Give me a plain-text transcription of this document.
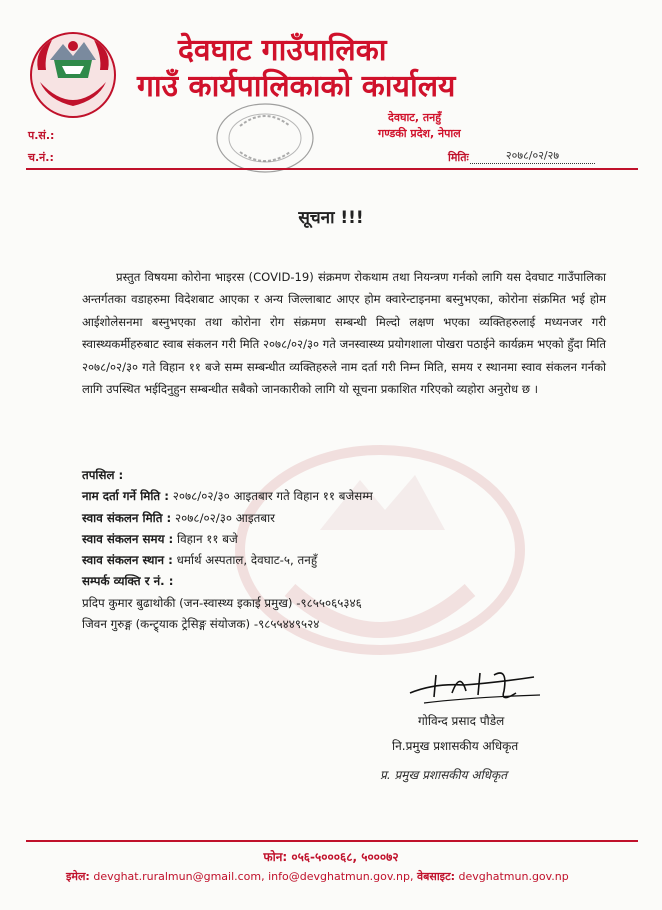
देवघाट गाउँपालिका
गाउँ कार्यपालिकाको कार्यालय
देवघाट, तनहुँ
गण्डकी प्रदेश, नेपाल
प.सं.:
च.नं.:	मितिः	२०७८/०२/२७
सूचना !!!

प्रस्तुत विषयमा कोरोना भाइरस (COVID-19) संक्रमण रोकथाम तथा नियन्त्रण गर्नको लागि यस देवघाट गाउँपालिका अन्तर्गतका वडाहरुमा विदेशबाट आएका र अन्य जिल्लाबाट आएर होम क्वारेन्टाइनमा बस्नुभएका, कोरोना संक्रमित भई होम आईशोलेसनमा बस्नुभएका तथा कोरोना रोग संक्रमण सम्बन्धी मिल्दो लक्षण भएका व्यक्तिहरुलाई मध्यनजर गरी स्वास्थ्यकर्मीहरुबाट स्वाब संकलन गरी मिति २०७८/०२/३० गते जनस्वास्थ्य प्रयोगशाला पोखरा पठाईने कार्यक्रम भएको हुँदा मिति २०७८/०२/३० गते विहान ११ बजे सम्म सम्बन्धीत व्यक्तिहरुले नाम दर्ता गरी निम्न मिति, समय र स्थानमा स्वाव संकलन गर्नको लागि उपस्थित भईदिनुहुन सम्बन्धीत सबैको जानकारीको लागि यो सूचना प्रकाशित गरिएको व्यहोरा अनुरोध छ ।

तपसिल :
नाम दर्ता गर्ने मिति : २०७८/०२/३० आइतबार गते विहान ११ बजेसम्म
स्वाव संकलन मिति : २०७८/०२/३० आइतबार
स्वाव संकलन समय : विहान ११ बजे
स्वाव संकलन स्थान : धर्मार्थ अस्पताल, देवघाट-५, तनहुँ
सम्पर्क व्यक्ति र नं. :
प्रदिप कुमार बुढाथोकी (जन-स्वास्थ्य इकाई प्रमुख) -९८५५०६५३४६
जिवन गुरुङ्ग (कन्ट्र्याक ट्रेसिङ्ग संयोजक) -९८५५४४९५२४
गोविन्द प्रसाद पौडेल
नि.प्रमुख प्रशासकीय अधिकृत
प्र. प्रमुख प्रशासकीय अधिकृत
फोन: ०५६-५०००६८, ५०००७२
इमेल: devghat.ruralmun@gmail.com, info@devghatmun.gov.np, वेबसाइट: devghatmun.gov.np
